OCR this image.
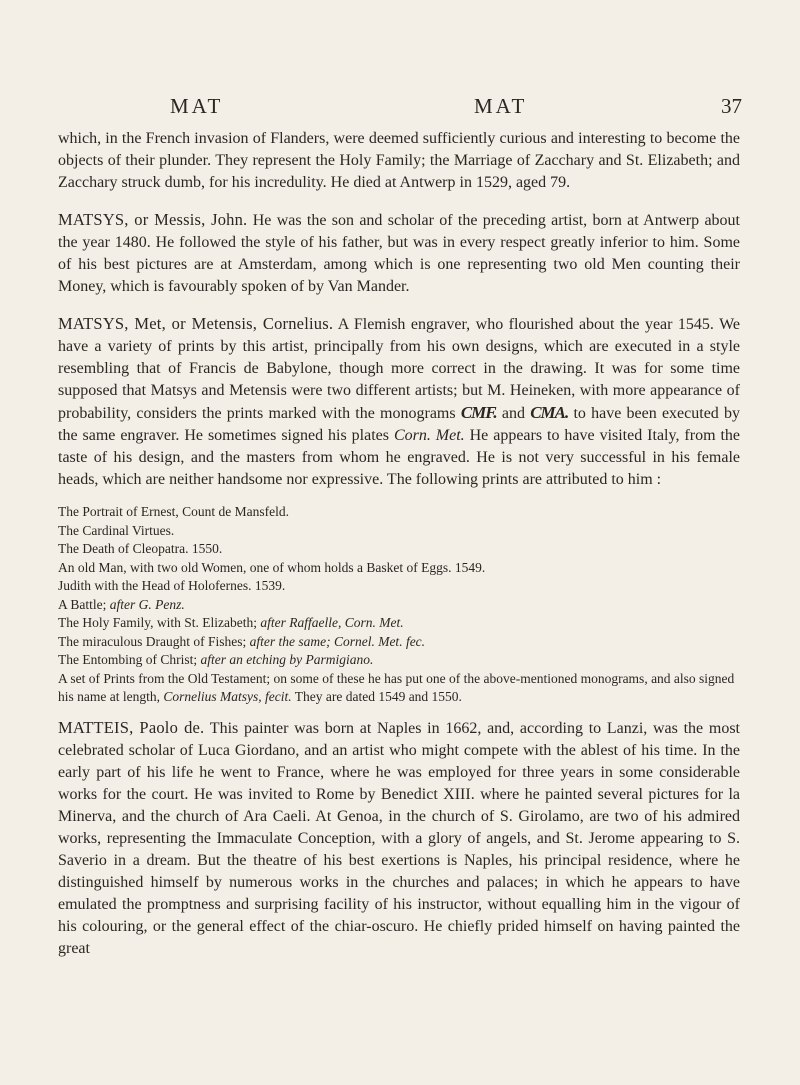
MAT	MAT	37

which, in the French invasion of Flanders, were deemed sufficiently curious and interesting to become the objects of their plunder. They represent the Holy Family; the Marriage of Zacchary and St. Elizabeth; and Zacchary struck dumb, for his incredulity. He died at Antwerp in 1529, aged 79.

MATSYS, or Messis, John. He was the son and scholar of the preceding artist, born at Antwerp about the year 1480. He followed the style of his father, but was in every respect greatly inferior to him. Some of his best pictures are at Amsterdam, among which is one representing two old Men counting their Money, which is favourably spoken of by Van Mander.

MATSYS, Met, or Metensis, Cornelius. A Flemish engraver, who flourished about the year 1545. We have a variety of prints by this artist, principally from his own designs, which are executed in a style resembling that of Francis de Babylone, though more correct in the drawing. It was for some time supposed that Matsys and Metensis were two different artists; but M. Heineken, with more appearance of probability, considers the prints marked with the monograms CMF. and CMA. to have been executed by the same engraver. He sometimes signed his plates Corn. Met. He appears to have visited Italy, from the taste of his design, and the masters from whom he engraved. He is not very successful in his female heads, which are neither handsome nor expressive. The following prints are attributed to him :

The Portrait of Ernest, Count de Mansfeld.
The Cardinal Virtues.
The Death of Cleopatra. 1550.
An old Man, with two old Women, one of whom holds a Basket of Eggs. 1549.
Judith with the Head of Holofernes. 1539.
A Battle; after G. Penz.
The Holy Family, with St. Elizabeth; after Raffaelle, Corn. Met.
The miraculous Draught of Fishes; after the same; Cornel. Met. fec.
The Entombing of Christ; after an etching by Parmigiano.
A set of Prints from the Old Testament; on some of these he has put one of the above-mentioned monograms, and also signed his name at length, Cornelius Matsys, fecit. They are dated 1549 and 1550.

MATTEIS, Paolo de. This painter was born at Naples in 1662, and, according to Lanzi, was the most celebrated scholar of Luca Giordano, and an artist who might compete with the ablest of his time. In the early part of his life he went to France, where he was employed for three years in some considerable works for the court. He was invited to Rome by Benedict XIII. where he painted several pictures for la Minerva, and the church of Ara Caeli. At Genoa, in the church of S. Girolamo, are two of his admired works, representing the Immaculate Conception, with a glory of angels, and St. Jerome appearing to S. Saverio in a dream. But the theatre of his best exertions is Naples, his principal residence, where he distinguished himself by numerous works in the churches and palaces; in which he appears to have emulated the promptness and surprising facility of his instructor, without equalling him in the vigour of his colouring, or the general effect of the chiar-oscuro. He chiefly prided himself on having painted the great
